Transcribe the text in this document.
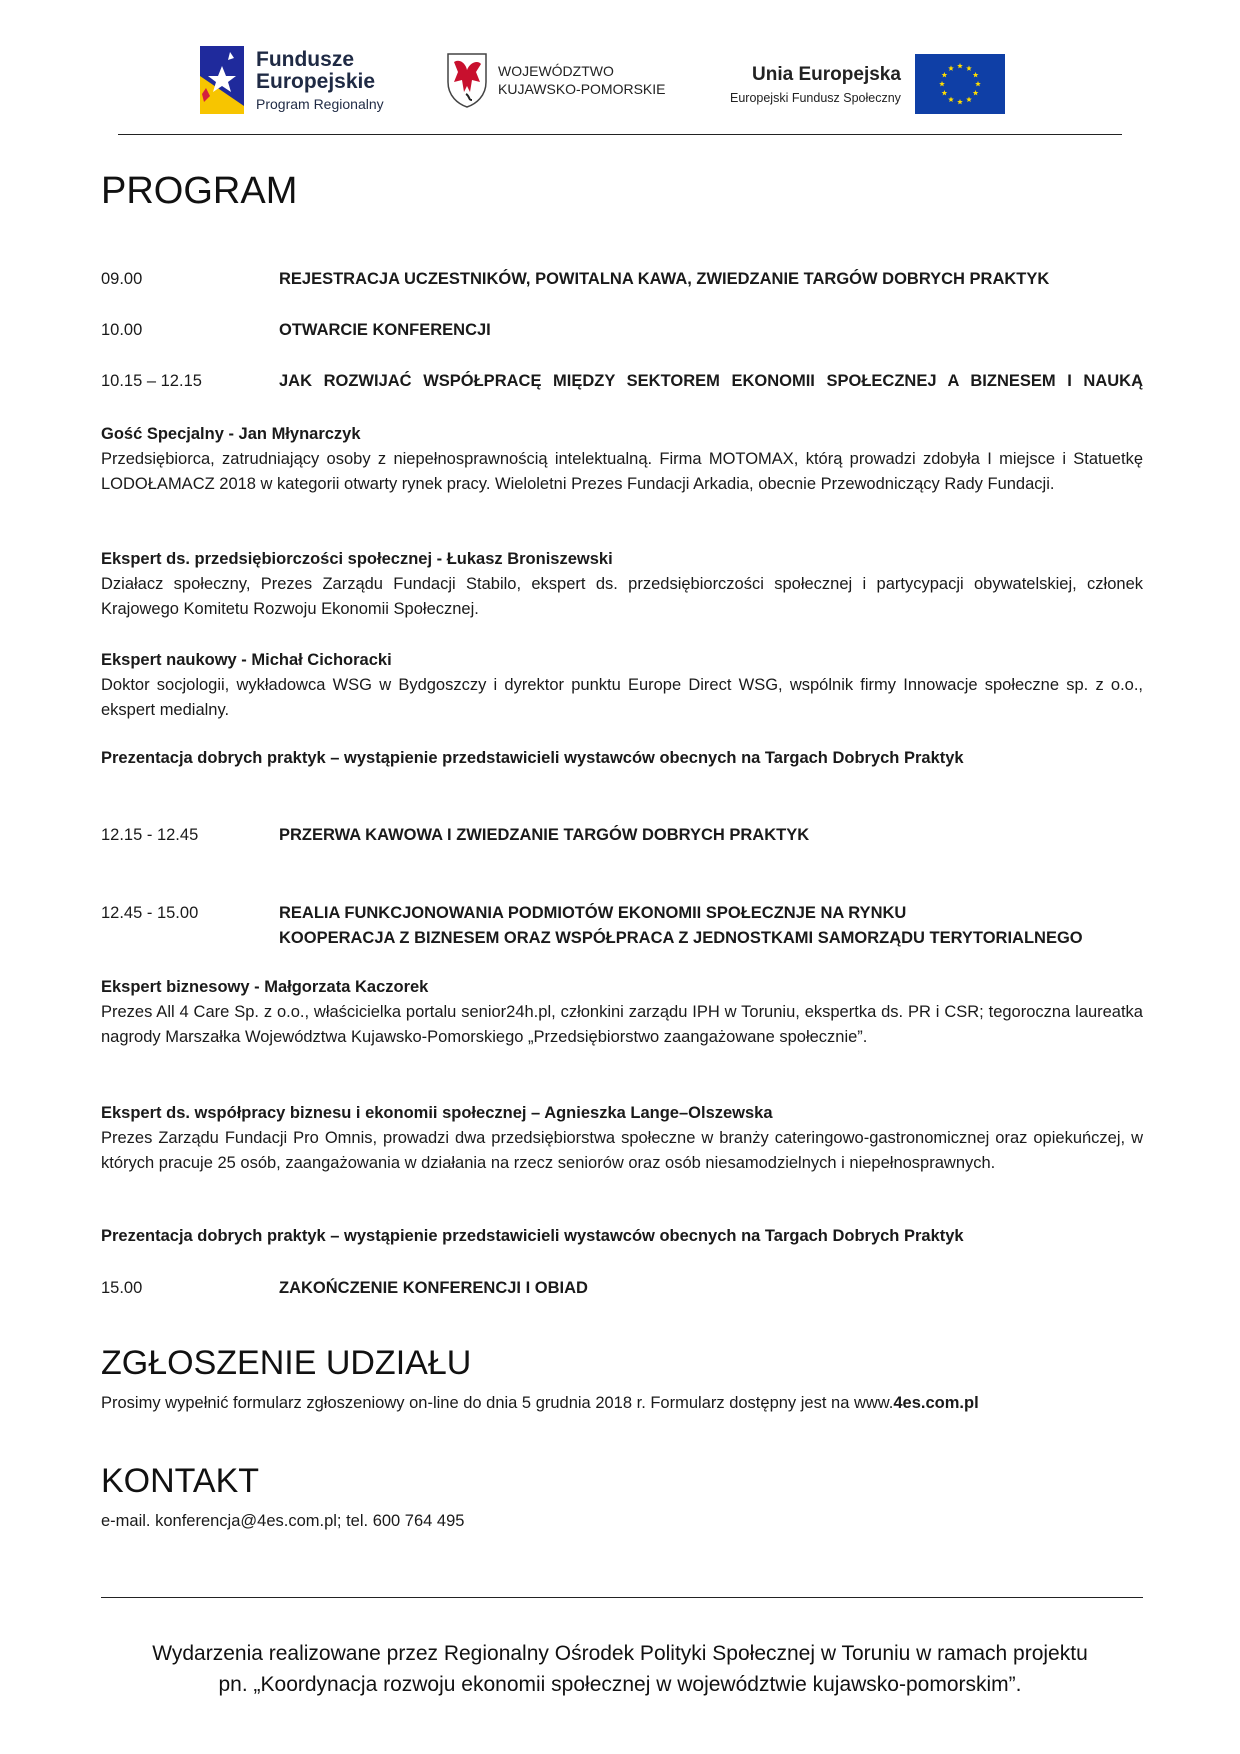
Fundusze
Europejskie
Program Regionalny
WOJEWÓDZTWO
KUJAWSKO-POMORSKIE
Unia Europejska
Europejski Fundusz Społeczny
PROGRAM
09.00	REJESTRACJA UCZESTNIKÓW, POWITALNA KAWA, ZWIEDZANIE TARGÓW DOBRYCH PRAKTYK
10.00	OTWARCIE KONFERENCJI
10.15 – 12.15	JAK ROZWIJAĆ WSPÓŁPRACĘ MIĘDZY SEKTOREM EKONOMII SPOŁECZNEJ A BIZNESEM I NAUKĄ
Gość Specjalny - Jan Młynarczyk
Przedsiębiorca, zatrudniający osoby z niepełnosprawnością intelektualną. Firma MOTOMAX, którą prowadzi zdobyła I miejsce i Statuetkę LODOŁAMACZ 2018 w kategorii otwarty rynek pracy. Wieloletni Prezes Fundacji Arkadia, obecnie Przewodniczący Rady Fundacji.
Ekspert ds. przedsiębiorczości społecznej - Łukasz Broniszewski
Działacz społeczny, Prezes Zarządu Fundacji Stabilo, ekspert ds. przedsiębiorczości społecznej i partycypacji obywatelskiej, członek Krajowego Komitetu Rozwoju Ekonomii Społecznej.
Ekspert naukowy - Michał Cichoracki
Doktor socjologii, wykładowca WSG w Bydgoszczy i dyrektor punktu Europe Direct WSG, wspólnik firmy Innowacje społeczne sp. z o.o., ekspert medialny.
Prezentacja dobrych praktyk – wystąpienie przedstawicieli wystawców obecnych na Targach Dobrych Praktyk
12.15 - 12.45	PRZERWA KAWOWA I ZWIEDZANIE TARGÓW DOBRYCH PRAKTYK
12.45 - 15.00	REALIA FUNKCJONOWANIA PODMIOTÓW EKONOMII SPOŁECZNJE NA RYNKU
KOOPERACJA Z BIZNESEM ORAZ WSPÓŁPRACA Z JEDNOSTKAMI SAMORZĄDU TERYTORIALNEGO
Ekspert biznesowy - Małgorzata Kaczorek
Prezes All 4 Care Sp. z o.o., właścicielka portalu senior24h.pl, członkini zarządu IPH w Toruniu, ekspertka ds. PR i CSR; tegoroczna laureatka nagrody Marszałka Województwa Kujawsko-Pomorskiego „Przedsiębiorstwo zaangażowane społecznie”.
Ekspert ds. współpracy biznesu i ekonomii społecznej – Agnieszka Lange–Olszewska
Prezes Zarządu Fundacji Pro Omnis, prowadzi dwa przedsiębiorstwa społeczne w branży cateringowo-gastronomicznej oraz opiekuńczej, w których pracuje 25 osób, zaangażowania w działania na rzecz seniorów oraz osób niesamodzielnych i niepełnosprawnych.
Prezentacja dobrych praktyk – wystąpienie przedstawicieli wystawców obecnych na Targach Dobrych Praktyk
15.00	ZAKOŃCZENIE KONFERENCJI I OBIAD
ZGŁOSZENIE UDZIAŁU
Prosimy wypełnić formularz zgłoszeniowy on-line do dnia 5 grudnia 2018 r. Formularz dostępny jest na www.4es.com.pl
KONTAKT
e-mail. konferencja@4es.com.pl; tel. 600 764 495
Wydarzenia realizowane przez Regionalny Ośrodek Polityki Społecznej w Toruniu w ramach projektu
pn. „Koordynacja rozwoju ekonomii społecznej w województwie kujawsko-pomorskim”.
